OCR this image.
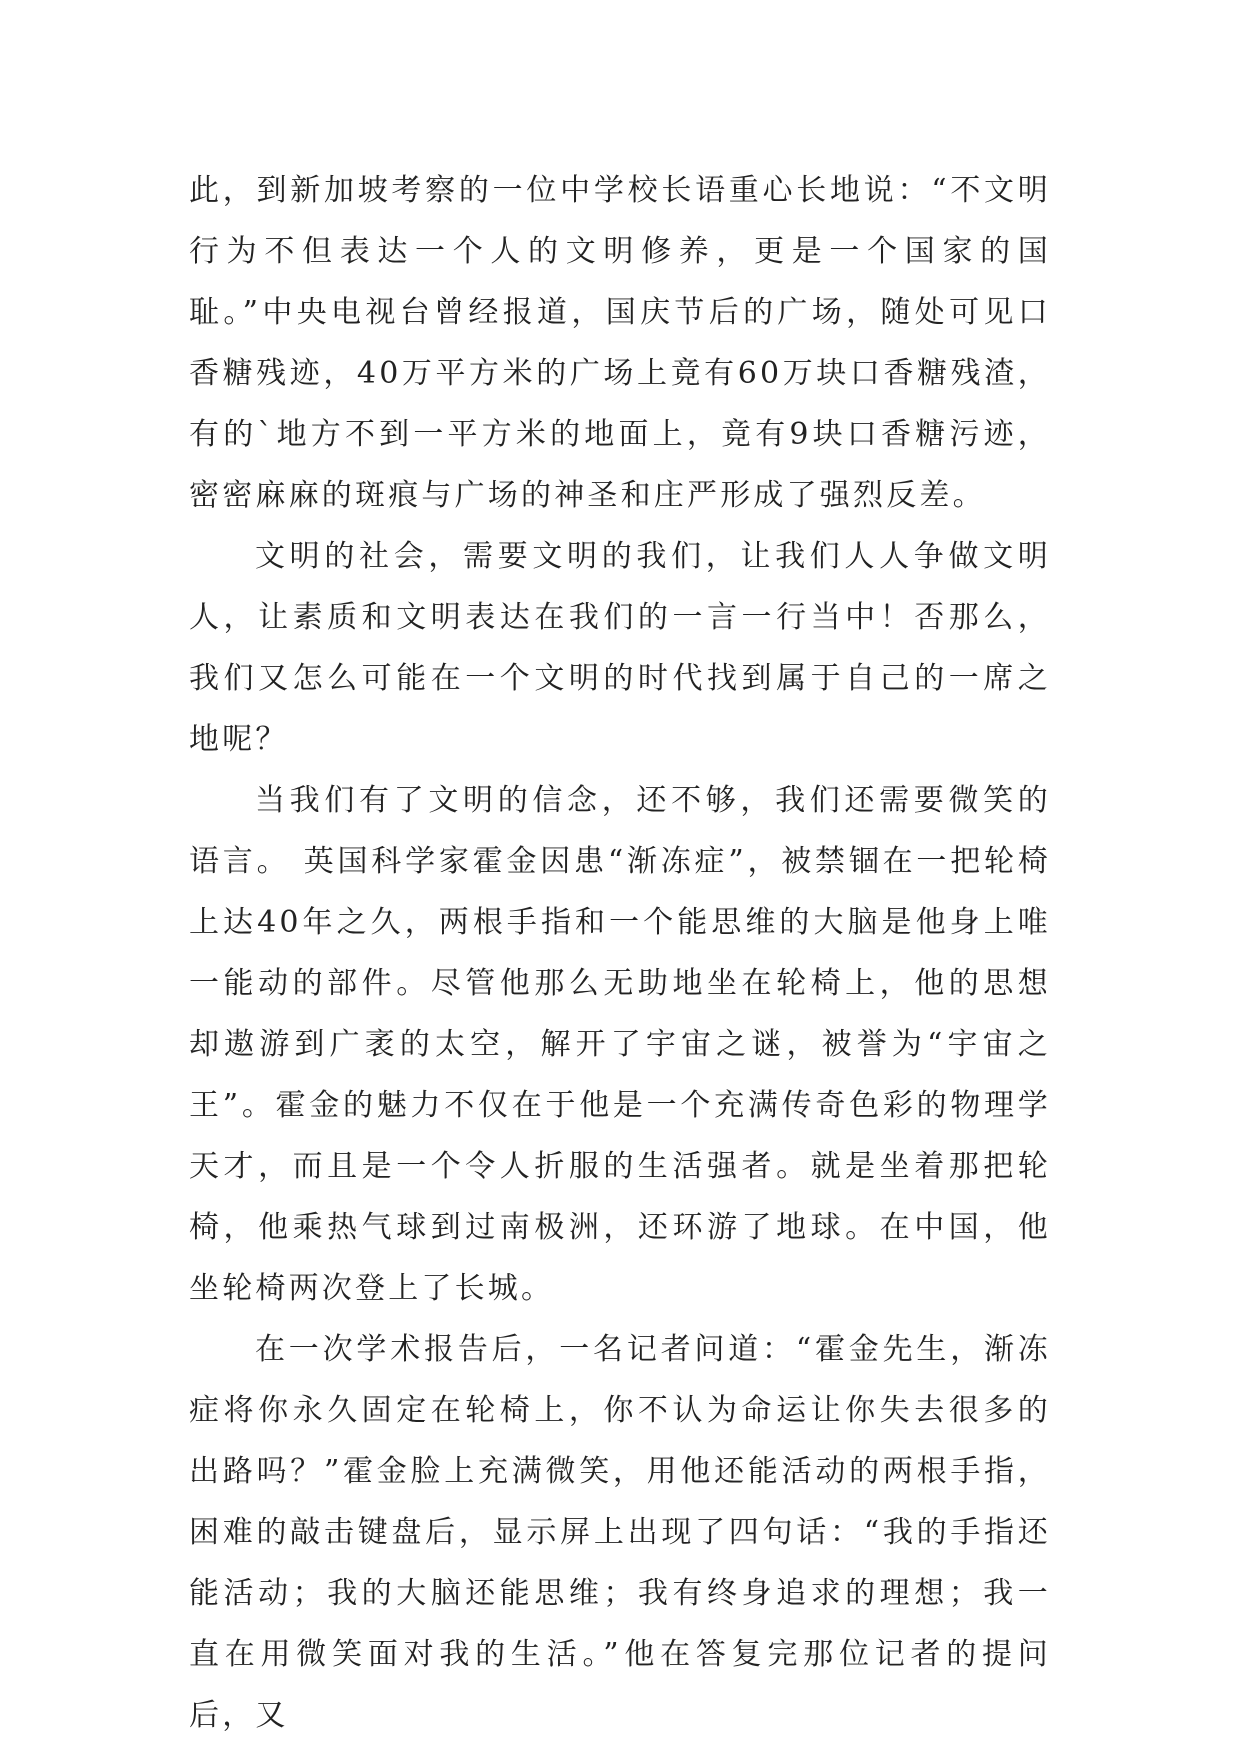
此，到新加坡考察的一位中学校长语重心长地说：“不文明行为不但表达一个人的文明修养，更是一个国家的国耻。”中央电视台曾经报道，国庆节后的广场，随处可见口香糖残迹，40万平方米的广场上竟有60万块口香糖残渣，有的`地方不到一平方米的地面上，竟有9块口香糖污迹，密密麻麻的斑痕与广场的神圣和庄严形成了强烈反差。

文明的社会，需要文明的我们，让我们人人争做文明人，让素质和文明表达在我们的一言一行当中！否那么，我们又怎么可能在一个文明的时代找到属于自己的一席之地呢？

当我们有了文明的信念，还不够，我们还需要微笑的语言。 英国科学家霍金因患“渐冻症”，被禁锢在一把轮椅上达40年之久，两根手指和一个能思维的大脑是他身上唯一能动的部件。尽管他那么无助地坐在轮椅上，他的思想却遨游到广袤的太空，解开了宇宙之谜，被誉为“宇宙之王”。霍金的魅力不仅在于他是一个充满传奇色彩的物理学天才，而且是一个令人折服的生活强者。就是坐着那把轮椅，他乘热气球到过南极洲，还环游了地球。在中国，他坐轮椅两次登上了长城。

在一次学术报告后，一名记者问道：“霍金先生，渐冻症将你永久固定在轮椅上，你不认为命运让你失去很多的出路吗？”霍金脸上充满微笑，用他还能活动的两根手指，困难的敲击键盘后，显示屏上出现了四句话：“我的手指还能活动；我的大脑还能思维；我有终身追求的理想；我一直在用微笑面对我的生活。”他在答复完那位记者的提问后，又
